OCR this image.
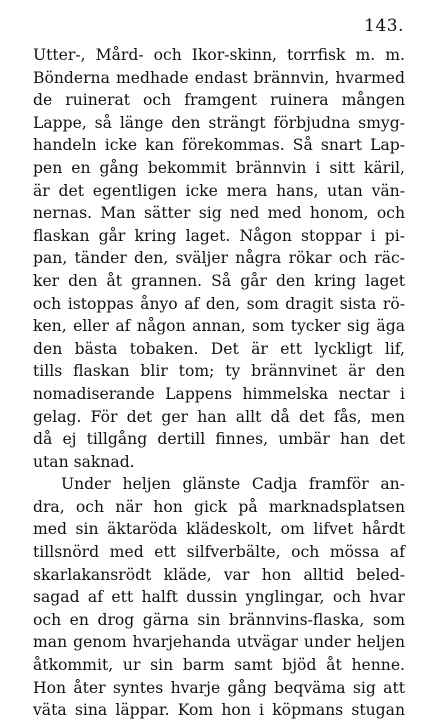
143.
Utter-, Mård- och Ikor-skinn, torrfisk m. m.
Bönderna medhade endast brännvin, hvarmed
de ruinerat och framgent ruinera mången
Lappe, så länge den strängt förbjudna smyg-
handeln icke kan förekommas. Så snart Lap-
pen en gång bekommit brännvin i sitt käril,
är det egentligen icke mera hans, utan vän-
nernas. Man sätter sig ned med honom, och
flaskan går kring laget. Någon stoppar i pi-
pan, tänder den, sväljer några rökar och räc-
ker den åt grannen. Så går den kring laget
och istoppas ånyo af den, som dragit sista rö-
ken, eller af någon annan, som tycker sig äga
den bästa tobaken. Det är ett lyckligt lif,
tills flaskan blir tom; ty brännvinet är den
nomadiserande Lappens himmelska nectar i
gelag. För det ger han allt då det fås, men
då ej tillgång dertill finnes, umbär han det
utan saknad.
Under heljen glänste Cadja framför an-
dra, och när hon gick på marknadsplatsen
med sin äktaröda klädeskolt, om lifvet hårdt
tillsnörd med ett silfverbälte, och mössa af
skarlakansrödt kläde, var hon alltid beled-
sagad af ett halft dussin ynglingar, och hvar
och en drog gärna sin brännvins-flaska, som
man genom hvarjehanda utvägar under heljen
åtkommit, ur sin barm samt bjöd åt henne.
Hon åter syntes hvarje gång beqväma sig att
väta sina läppar. Kom hon i köpmans stugan
